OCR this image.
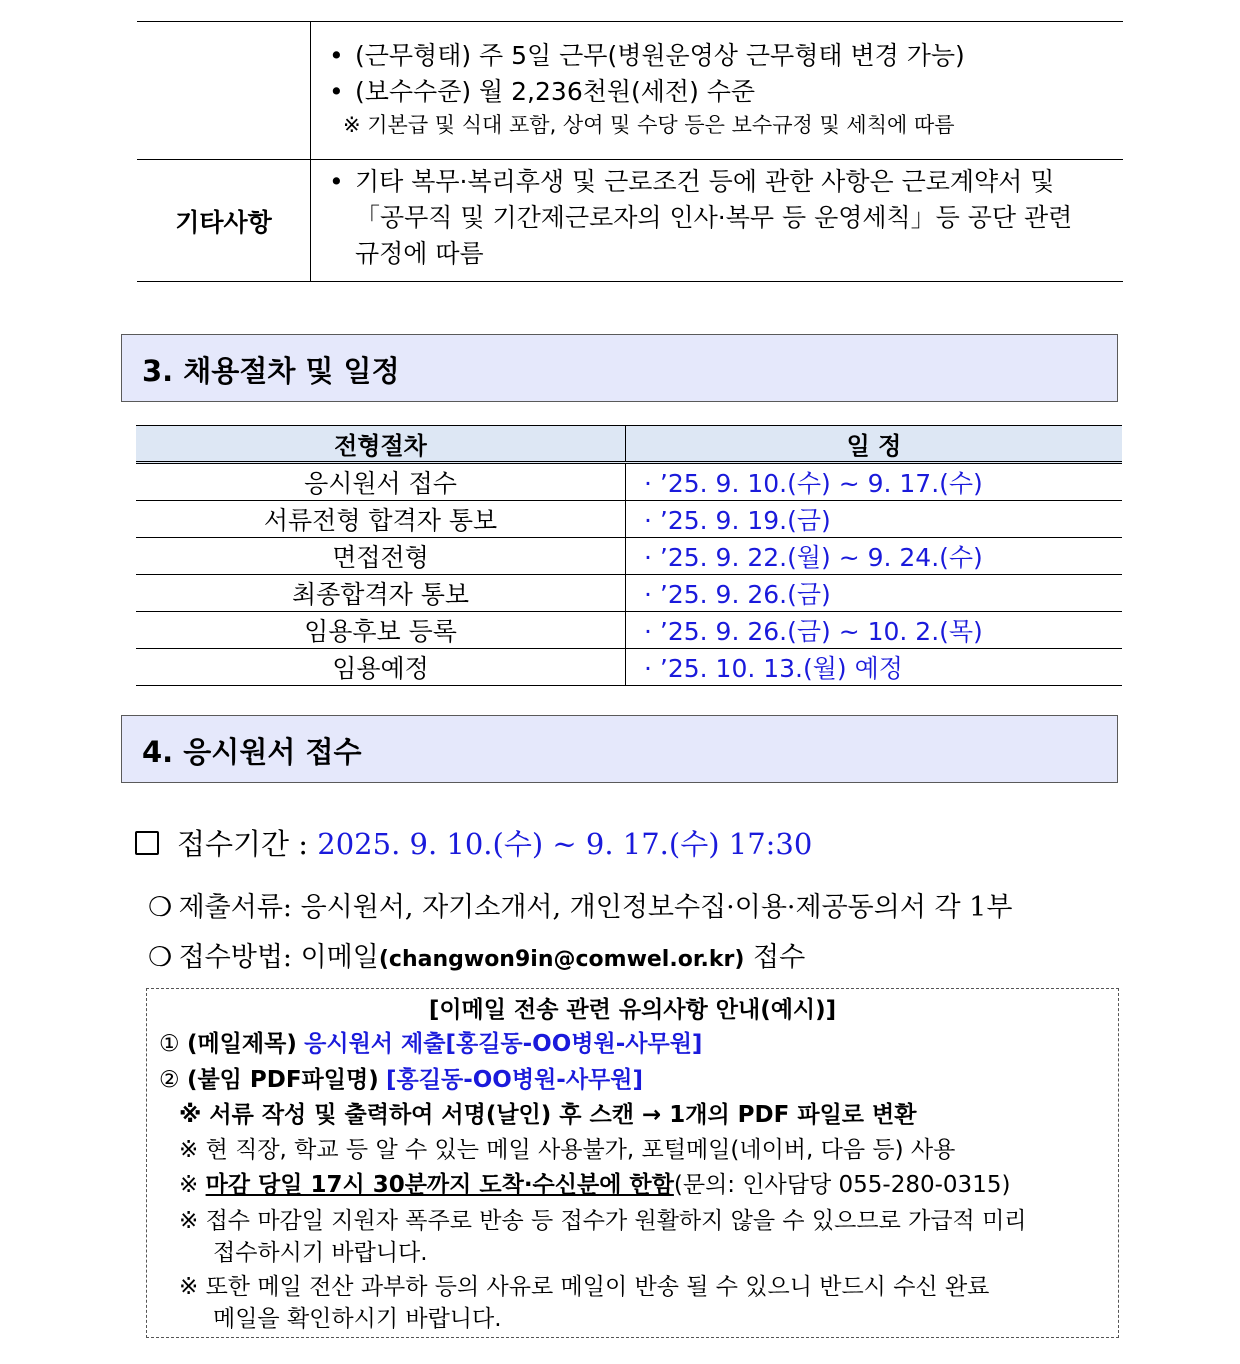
	• (근무형태) 주 5일 근무(병원운영상 근무형태 변경 가능)
• (보수수준) 월 2,236천원(세전) 수준
※ 기본급 및 식대 포함, 상여 및 수당 등은 보수규정 및 세칙에 따름

기타사항	• 기타 복무·복리후생 및 근로조건 등에 관한 사항은 근로계약서 및
「공무직 및 기간제근로자의 인사·복무 등 운영세칙」등 공단 관련
규정에 따름
3. 채용절차 및 일정
전형절차	일 정
응시원서 접수	· ’25. 9. 10.(수) ~ 9. 17.(수)
서류전형 합격자 통보	· ’25. 9. 19.(금)
면접전형	· ’25. 9. 22.(월) ~ 9. 24.(수)
최종합격자 통보	· ’25. 9. 26.(금)
임용후보 등록	· ’25. 9. 26.(금) ~ 10. 2.(목)
임용예정	· ’25. 10. 13.(월) 예정
4. 응시원서 접수
접수기간 : 2025. 9. 10.(수) ~ 9. 17.(수) 17:30
❍ 제출서류: 응시원서, 자기소개서, 개인정보수집·이용·제공동의서 각 1부
❍ 접수방법: 이메일(changwon9in@comwel.or.kr) 접수
[이메일 전송 관련 유의사항 안내(예시)]
① (메일제목) 응시원서 제출[홍길동-OO병원-사무원]
② (붙임 PDF파일명) [홍길동-OO병원-사무원]
※ 서류 작성 및 출력하여 서명(날인) 후 스캔 → 1개의 PDF 파일로 변환
※ 현 직장, 학교 등 알 수 있는 메일 사용불가, 포털메일(네이버, 다음 등) 사용
※ 마감 당일 17시 30분까지 도착·수신분에 한함(문의: 인사담당 055-280-0315)
※ 접수 마감일 지원자 폭주로 반송 등 접수가 원활하지 않을 수 있으므로 가급적 미리
접수하시기 바랍니다.
※ 또한 메일 전산 과부하 등의 사유로 메일이 반송 될 수 있으니 반드시 수신 완료
메일을 확인하시기 바랍니다.
